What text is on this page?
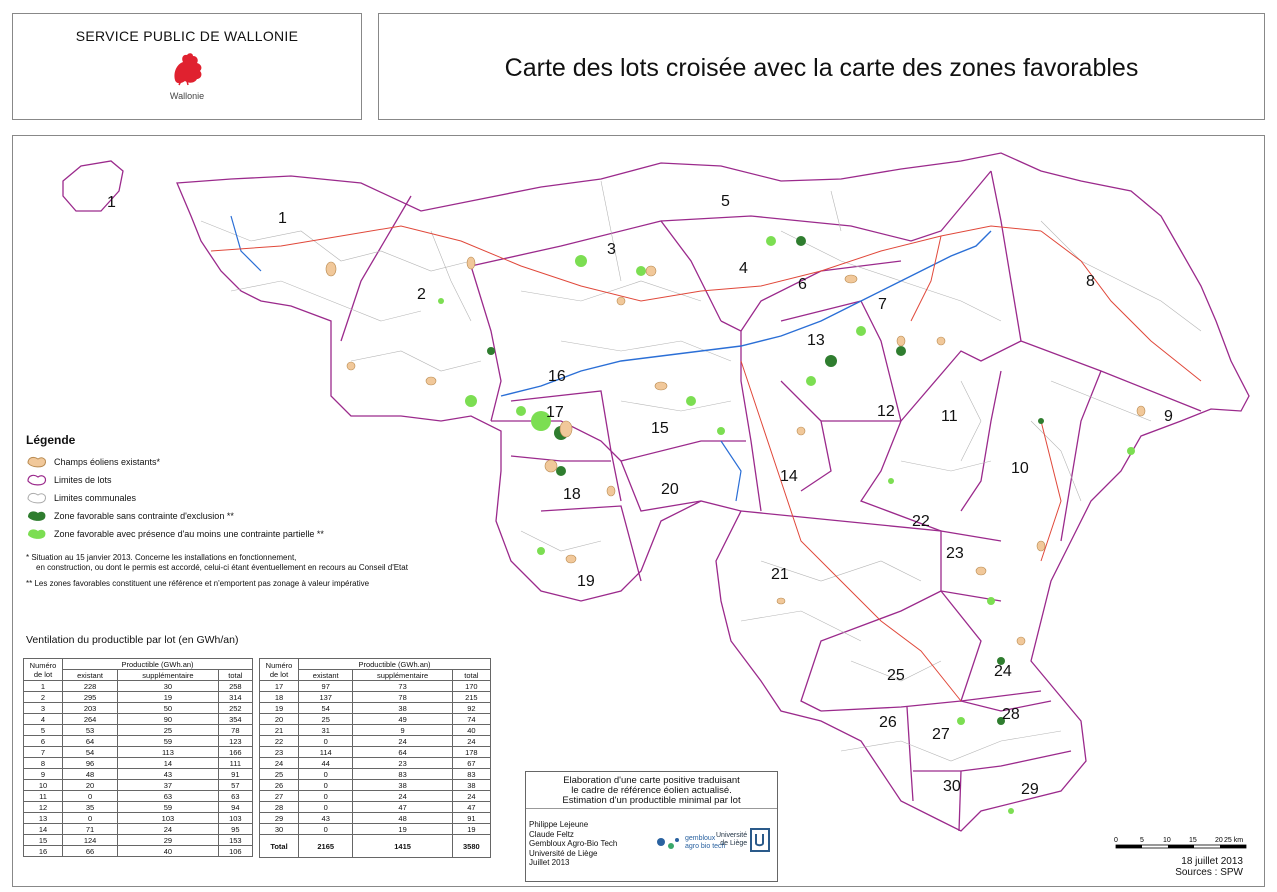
SERVICE PUBLIC DE WALLONIE
Wallonie
Carte des lots croisée avec la carte des zones favorables
1
1
2
3
4
5
6
7
8
9
10
11
12
13
14
15
16
17
18
19
20
21
22
23
24
25
26
27
28
29
30
Légende
Champs éoliens existants*
Limites de lots
Limites communales
Zone favorable sans contrainte d'exclusion **
Zone favorable avec présence d'au moins une contrainte partielle **

* Situation au 15 janvier 2013. Concerne les installations en fonctionnement,
en construction, ou dont le permis est accordé, celui-ci étant éventuellement en recours au Conseil d'Etat

** Les zones favorables constituent une référence et n'emportent pas zonage à valeur impérative

Ventilation du productible par lot (en GWh/an)
Numéro de lot	Productible (GWh.an)		
	existant	supplémentaire	total
1	228	30	258
2	295	19	314
3	203	50	252
4	264	90	354
5	53	25	78
6	64	59	123
7	54	113	166
8	96	14	111
9	48	43	91
10	20	37	57
11	0	63	63
12	35	59	94
13	0	103	103
14	71	24	95
15	124	29	153
16	66	40	106
Numéro de lot	Productible (GWh.an)		
	existant	supplémentaire	total
17	97	73	170
18	137	78	215
19	54	38	92
20	25	49	74
21	31	9	40
22	0	24	24
23	114	64	178
24	44	23	67
25	0	83	83
26	0	38	38
27	0	24	24
28	0	47	47
29	43	48	91
30	0	19	19
Total	2165	1415	3580
Elaboration d'une carte positive traduisant
le cadre de référence éolien actualisé.
Estimation d'un productible minimal par lot
Philippe Lejeune
Claude Feltz
Gembloux Agro-Bio Tech
Université de Liège
Juillet 2013

gembloux
agro bio tech
Université
de Liège
	0	5	10	15	20 25 km
18 juillet 2013
Sources : SPW
